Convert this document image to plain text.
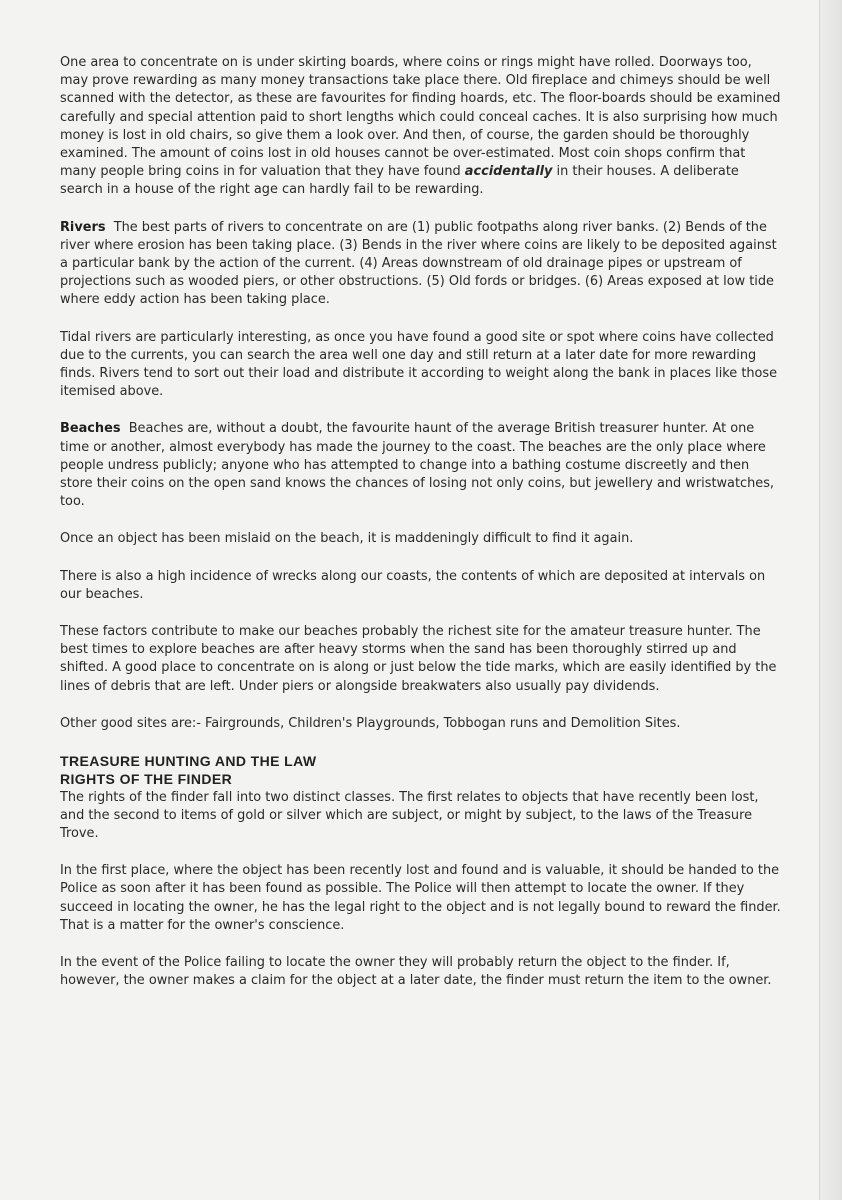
One area to concentrate on is under skirting boards, where coins or rings might have rolled. Doorways too, may prove rewarding as many money transactions take place there. Old fireplace and chimeys should be well scanned with the detector, as these are favourites for finding hoards, etc. The floor-boards should be examined carefully and special attention paid to short lengths which could conceal caches. It is also surprising how much money is lost in old chairs, so give them a look over. And then, of course, the garden should be thoroughly examined. The amount of coins lost in old houses cannot be over-estimated. Most coin shops confirm that many people bring coins in for valuation that they have found accidentally in their houses. A deliberate search in a house of the right age can hardly fail to be rewarding.

Rivers The best parts of rivers to concentrate on are (1) public footpaths along river banks. (2) Bends of the river where erosion has been taking place. (3) Bends in the river where coins are likely to be deposited against a particular bank by the action of the current. (4) Areas downstream of old drainage pipes or upstream of projections such as wooded piers, or other obstructions. (5) Old fords or bridges. (6) Areas exposed at low tide where eddy action has been taking place.

Tidal rivers are particularly interesting, as once you have found a good site or spot where coins have collected due to the currents, you can search the area well one day and still return at a later date for more rewarding finds. Rivers tend to sort out their load and distribute it according to weight along the bank in places like those itemised above.

Beaches Beaches are, without a doubt, the favourite haunt of the average British treasurer hunter. At one time or another, almost everybody has made the journey to the coast. The beaches are the only place where people undress publicly; anyone who has attempted to change into a bathing costume discreetly and then store their coins on the open sand knows the chances of losing not only coins, but jewellery and wristwatches, too.

Once an object has been mislaid on the beach, it is maddeningly difficult to find it again.

There is also a high incidence of wrecks along our coasts, the contents of which are deposited at intervals on our beaches.

These factors contribute to make our beaches probably the richest site for the amateur treasure hunter. The best times to explore beaches are after heavy storms when the sand has been thoroughly stirred up and shifted. A good place to concentrate on is along or just below the tide marks, which are easily identified by the lines of debris that are left. Under piers or alongside breakwaters also usually pay dividends.

Other good sites are:- Fairgrounds, Children's Playgrounds, Tobbogan runs and Demolition Sites.

TREASURE HUNTING AND THE LAW
RIGHTS OF THE FINDER

The rights of the finder fall into two distinct classes. The first relates to objects that have recently been lost, and the second to items of gold or silver which are subject, or might by subject, to the laws of the Treasure Trove.

In the first place, where the object has been recently lost and found and is valuable, it should be handed to the Police as soon after it has been found as possible. The Police will then attempt to locate the owner. If they succeed in locating the owner, he has the legal right to the object and is not legally bound to reward the finder. That is a matter for the owner's conscience.

In the event of the Police failing to locate the owner they will probably return the object to the finder. If, however, the owner makes a claim for the object at a later date, the finder must return the item to the owner.
